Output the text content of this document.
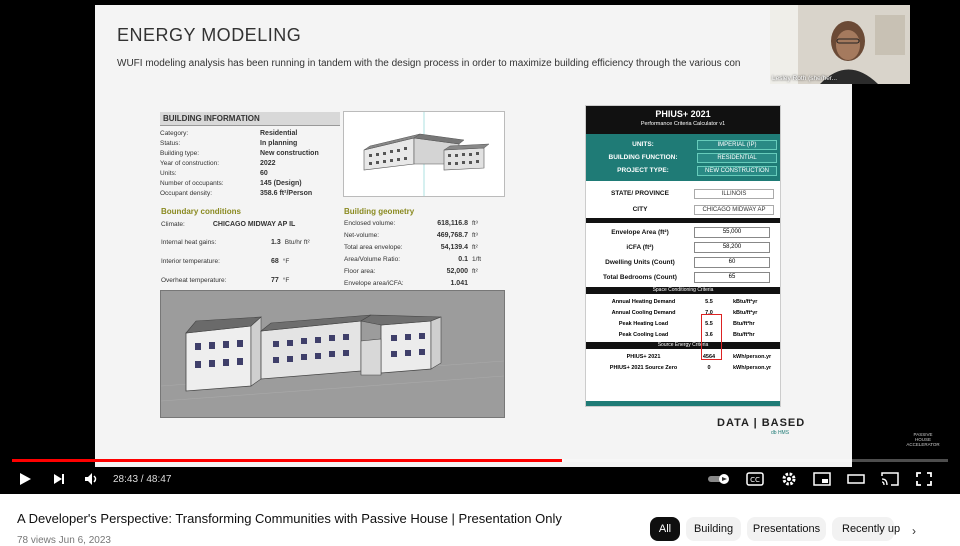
ENERGY MODELING
WUFI modeling analysis has been running in tandem with the design process in order to maximize building efficiency through the various con
BUILDING INFORMATION
Category:	Residential
Status:	In planning
Building type:	New construction
Year of construction:	2022
Units:	60
Number of occupants:	145 (Design)
Occupant density:	358.6 ft²/Person
Boundary conditions
Climate:	CHICAGO MIDWAY AP IL
Internal heat gains:	1.3 Btu/hr ft²
Interior temperature:	68 °F
Overheat temperature:	77 °F
Building geometry
Enclosed volume:	618,116.8 ft³
Net-volume:	469,768.7 ft³
Total area envelope:	54,139.4 ft²
Area/Volume Ratio:	0.1 1/ft
Floor area:	52,000 ft²
Envelope area/iCFA:	1.041
PHIUS+ 2021
Performance Criteria Calculator v1
UNITS:	IMPERIAL (IP)
BUILDING FUNCTION:	RESIDENTIAL
PROJECT TYPE:	NEW CONSTRUCTION
STATE/ PROVINCE	ILLINOIS
CITY	CHICAGO MIDWAY AP
Envelope Area (ft²)	55,000
iCFA (ft²)	58,200
Dwelling Units (Count)	60
Total Bedrooms (Count)	65
Space Conditioning Criteria
Annual Heating Demand	5.5	kBtu/ft²yr
Annual Cooling Demand	7.0	kBtu/ft²yr
Peak Heating Load	5.5	Btu/ft²hr
Peak Cooling Load	3.6	Btu/ft²hr
Source Energy Criteria
PHIUS+ 2021	4564	kWh/person.yr
PHIUS+ 2021 Source Zero	0	kWh/person.yr
DATA | BASED
db HMS
Lesley Roth (she/her...
PASSIVE HOUSE ACCELERATOR
28:43 / 48:47	CC
A Developer's Perspective: Transforming Communities with Passive House | Presentation Only
78 views Jun 6, 2023
All	Building	Presentations	Recently up ›
